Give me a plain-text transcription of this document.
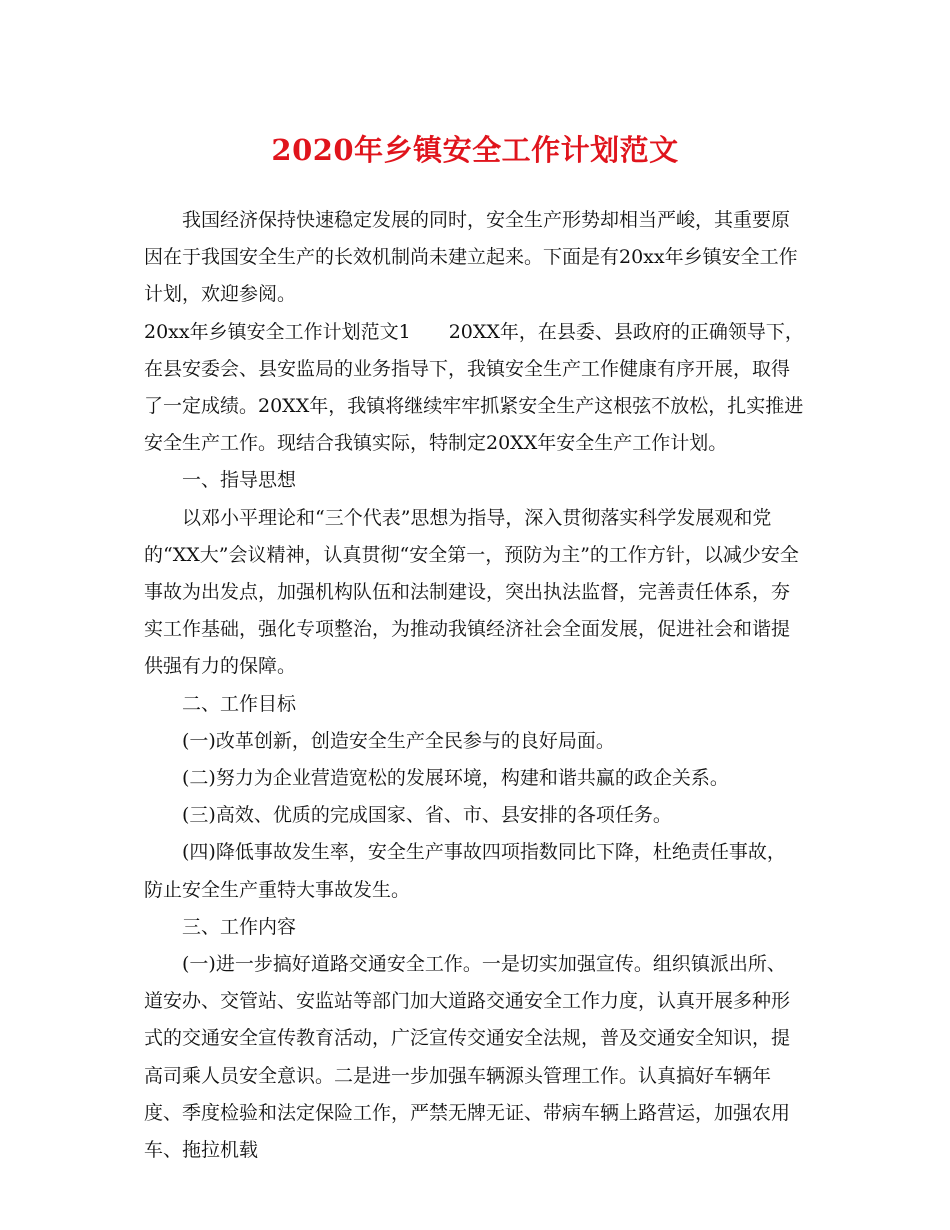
2020年乡镇安全工作计划范文

我国经济保持快速稳定发展的同时，安全生产形势却相当严峻，其重要原因在于我国安全生产的长效机制尚未建立起来。下面是有20xx年乡镇安全工作计划，欢迎参阅。

20xx年乡镇安全工作计划范文1　　20XX年，在县委、县政府的正确领导下，在县安委会、县安监局的业务指导下，我镇安全生产工作健康有序开展，取得了一定成绩。20XX年，我镇将继续牢牢抓紧安全生产这根弦不放松，扎实推进安全生产工作。现结合我镇实际，特制定20XX年安全生产工作计划。

一、指导思想

以邓小平理论和“三个代表”思想为指导，深入贯彻落实科学发展观和党的“XX大”会议精神，认真贯彻“安全第一，预防为主”的工作方针，以减少安全事故为出发点，加强机构队伍和法制建设，突出执法监督，完善责任体系，夯实工作基础，强化专项整治，为推动我镇经济社会全面发展，促进社会和谐提供强有力的保障。

二、工作目标

(一)改革创新，创造安全生产全民参与的良好局面。

(二)努力为企业营造宽松的发展环境，构建和谐共赢的政企关系。

(三)高效、优质的完成国家、省、市、县安排的各项任务。

(四)降低事故发生率，安全生产事故四项指数同比下降，杜绝责任事故，防止安全生产重特大事故发生。

三、工作内容

(一)进一步搞好道路交通安全工作。一是切实加强宣传。组织镇派出所、道安办、交管站、安监站等部门加大道路交通安全工作力度，认真开展多种形式的交通安全宣传教育活动，广泛宣传交通安全法规，普及交通安全知识，提高司乘人员安全意识。二是进一步加强车辆源头管理工作。认真搞好车辆年度、季度检验和法定保险工作，严禁无牌无证、带病车辆上路营运，加强农用车、拖拉机载
